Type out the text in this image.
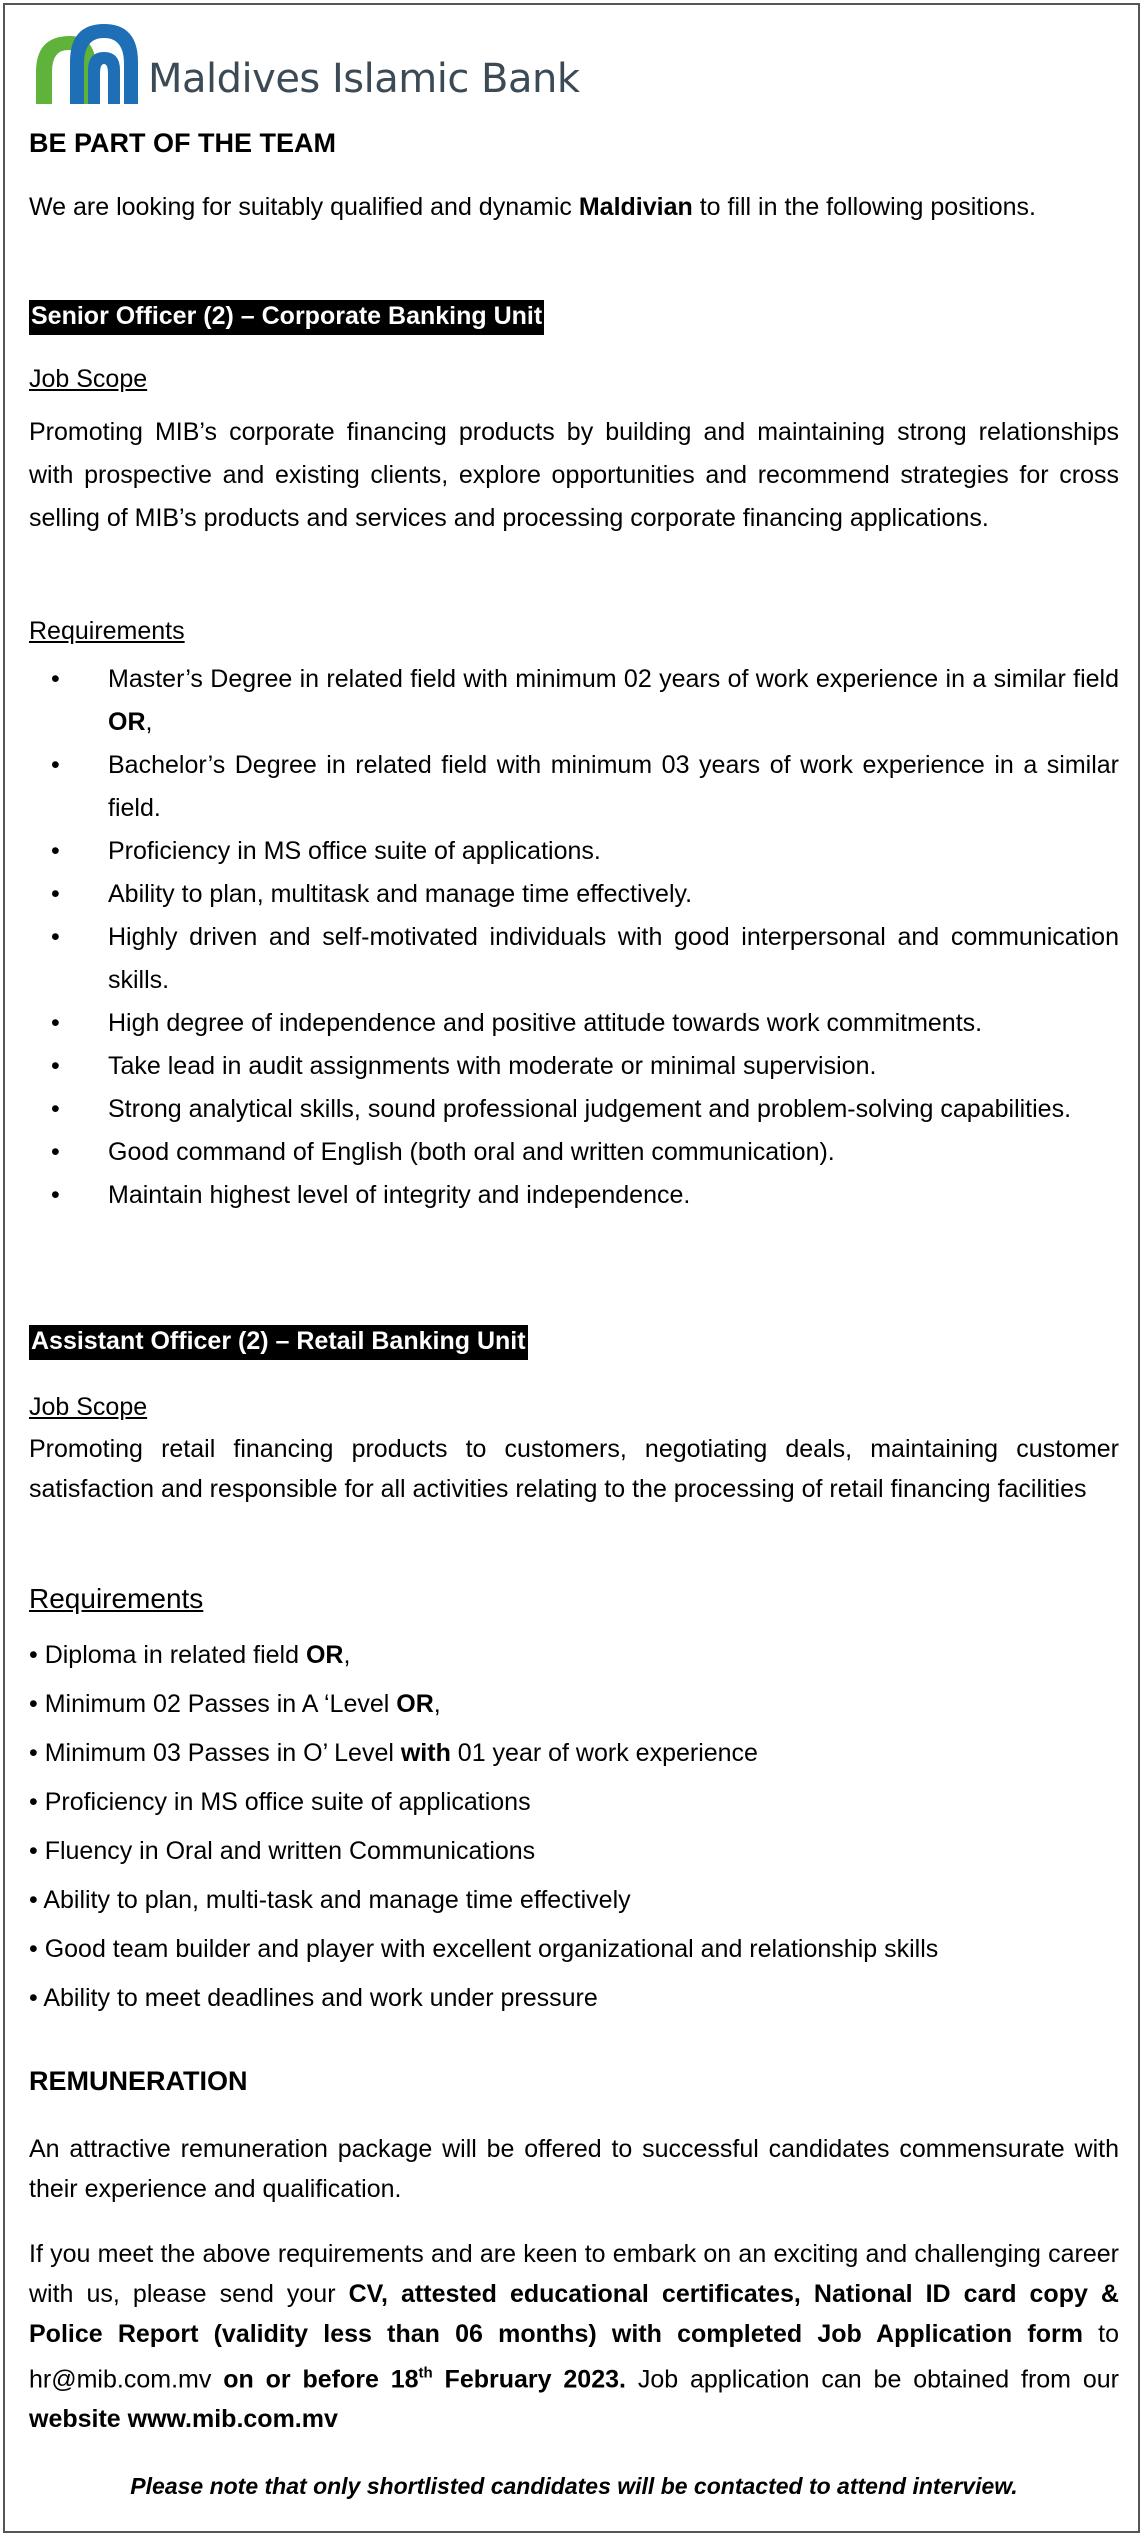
Maldives Islamic Bank
BE PART OF THE TEAM
We are looking for suitably qualified and dynamic Maldivian to fill in the following positions.
Senior Officer (2) – Corporate Banking Unit
Job Scope
Promoting MIB’s corporate financing products by building and maintaining strong relationships with prospective and existing clients, explore opportunities and recommend strategies for cross selling of MIB’s products and services and processing corporate financing applications.
Requirements
• Master’s Degree in related field with minimum 02 years of work experience in a similar field OR,
• Bachelor’s Degree in related field with minimum 03 years of work experience in a similar field.
• Proficiency in MS office suite of applications.
• Ability to plan, multitask and manage time effectively.
• Highly driven and self-motivated individuals with good interpersonal and communication skills.
• High degree of independence and positive attitude towards work commitments.
• Take lead in audit assignments with moderate or minimal supervision.
• Strong analytical skills, sound professional judgement and problem-solving capabilities.
• Good command of English (both oral and written communication).
• Maintain highest level of integrity and independence.
Assistant Officer (2) – Retail Banking Unit
Job Scope
Promoting retail financing products to customers, negotiating deals, maintaining customer satisfaction and responsible for all activities relating to the processing of retail financing facilities
Requirements
• Diploma in related field OR,
• Minimum 02 Passes in A ‘Level OR,
• Minimum 03 Passes in O’ Level with 01 year of work experience
• Proficiency in MS office suite of applications
• Fluency in Oral and written Communications
• Ability to plan, multi-task and manage time effectively
• Good team builder and player with excellent organizational and relationship skills
• Ability to meet deadlines and work under pressure
REMUNERATION
An attractive remuneration package will be offered to successful candidates commensurate with their experience and qualification.
If you meet the above requirements and are keen to embark on an exciting and challenging career with us, please send your CV, attested educational certificates, National ID card copy & Police Report (validity less than 06 months) with completed Job Application form to hr@mib.com.mv on or before 18th February 2023. Job application can be obtained from our website www.mib.com.mv
Please note that only shortlisted candidates will be contacted to attend interview.
